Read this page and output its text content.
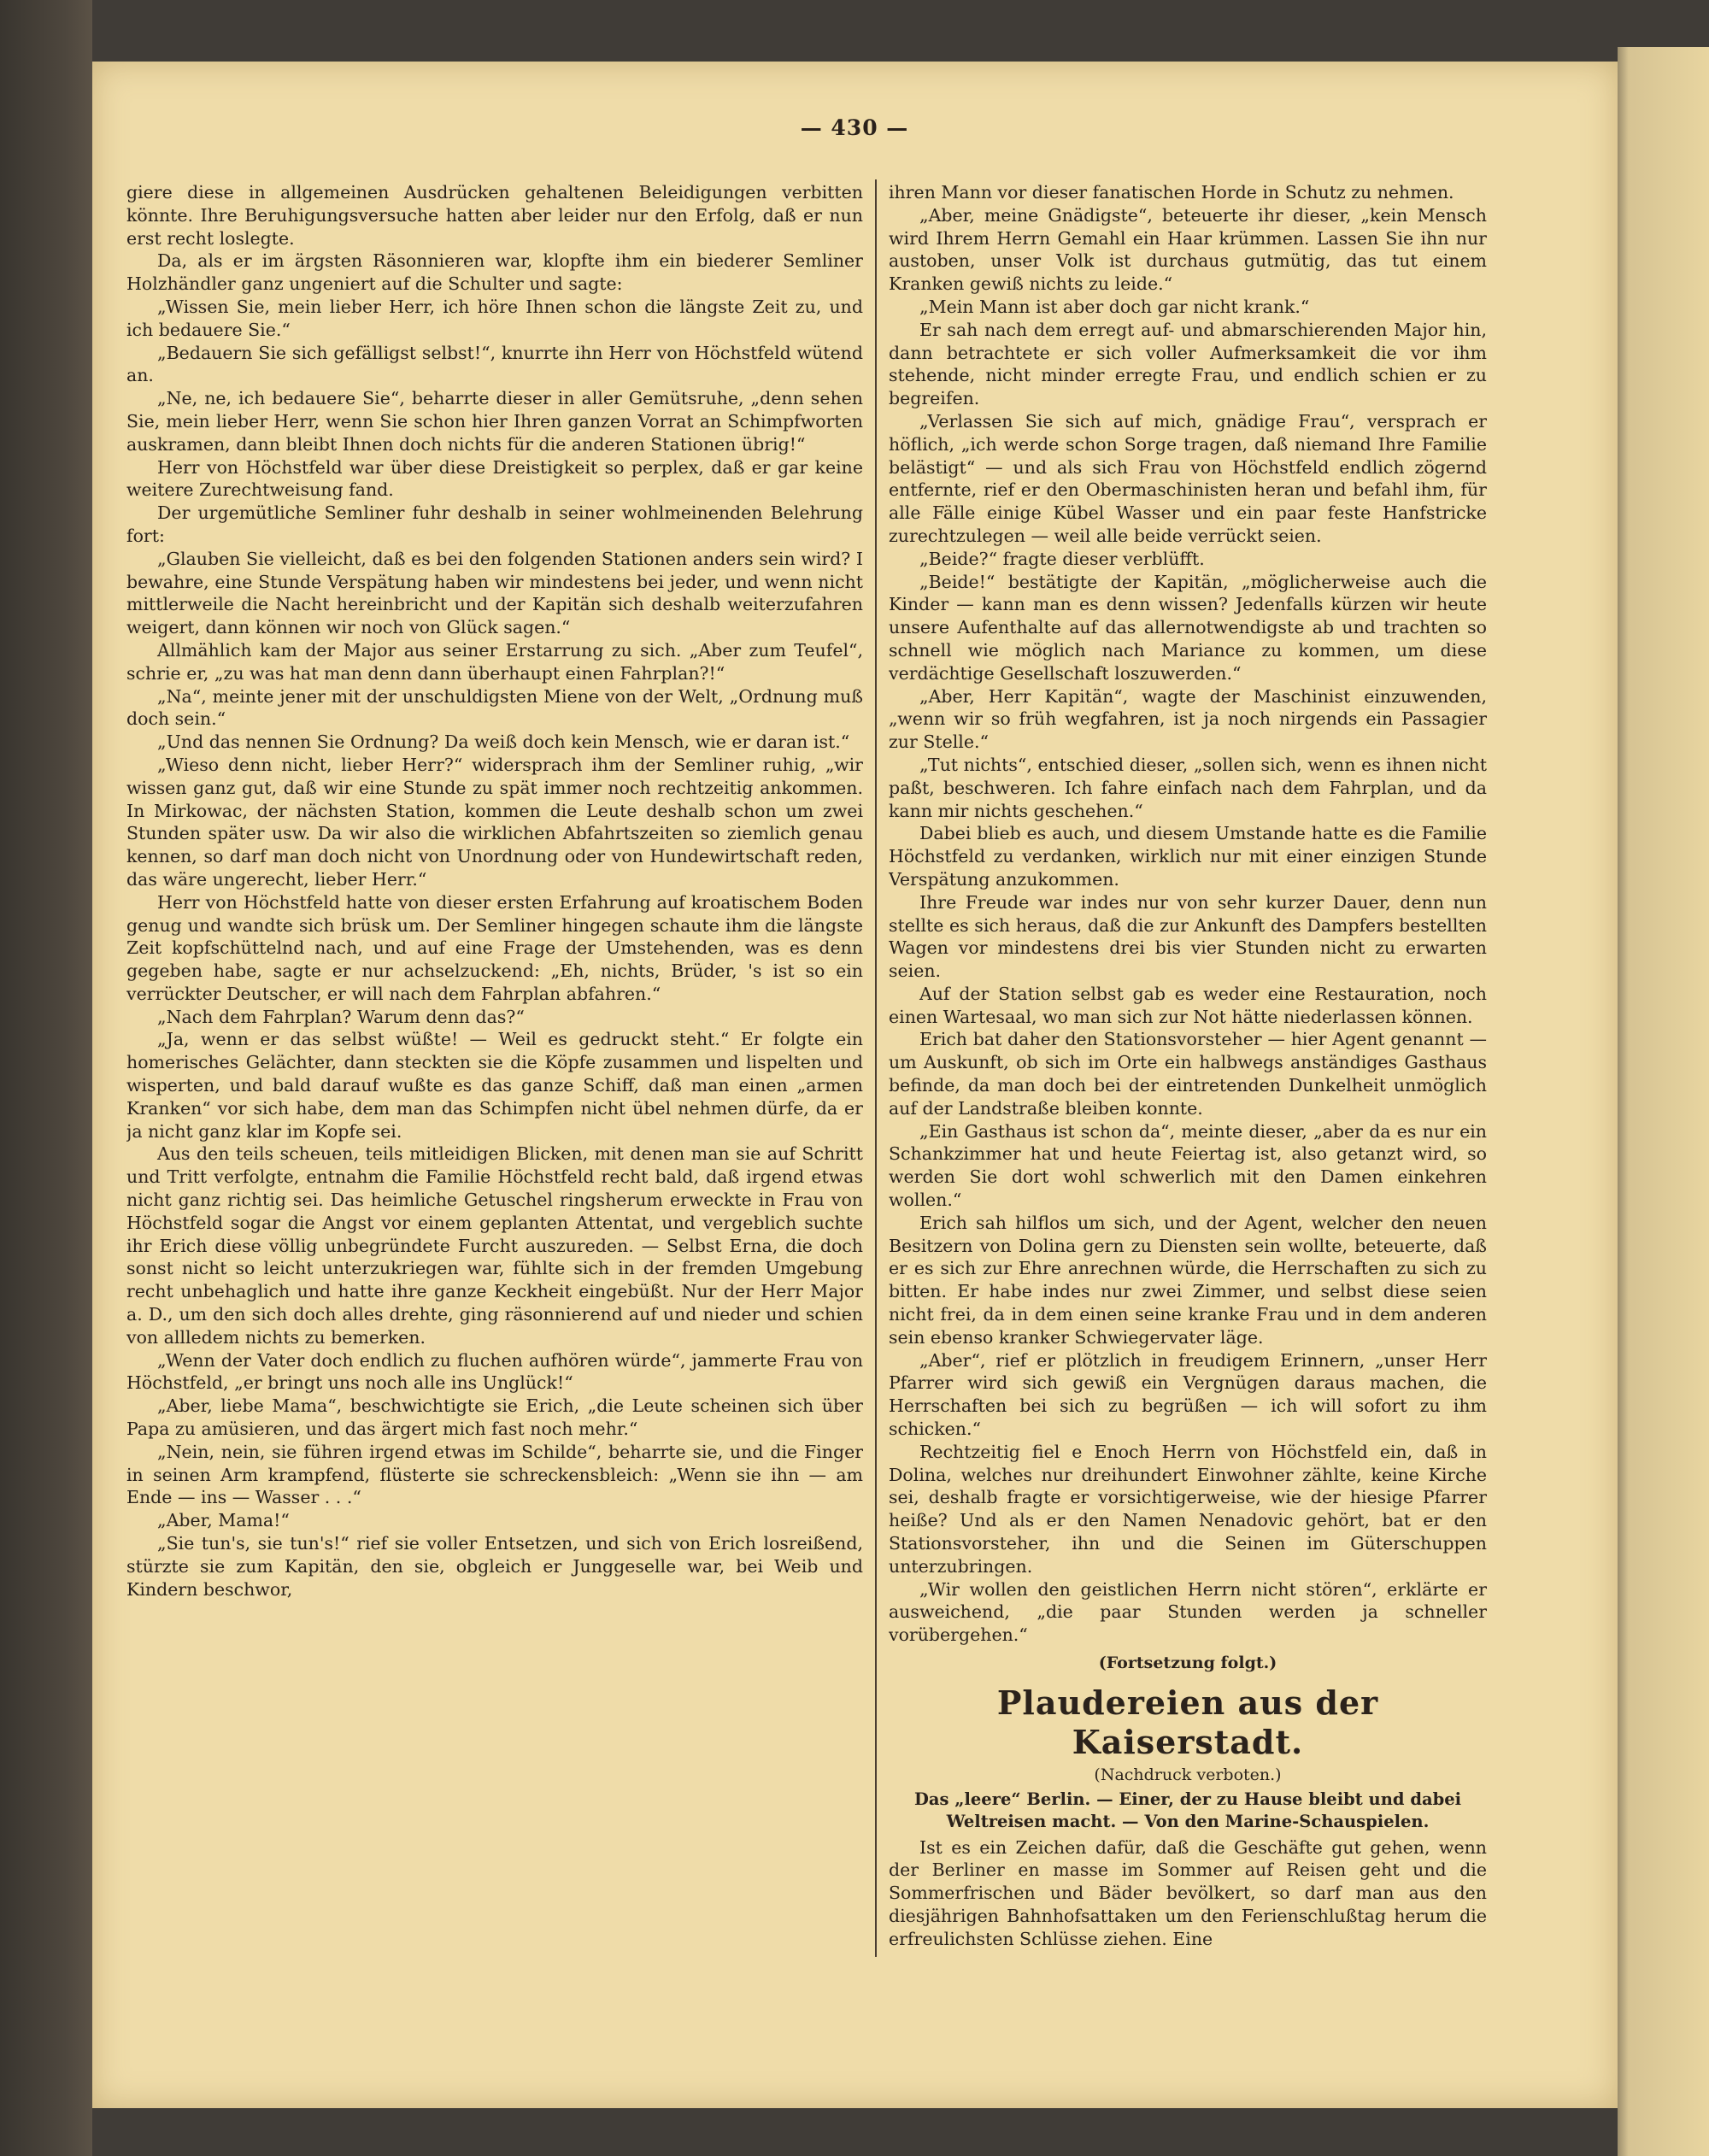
— 430 —

giere diese in allgemeinen Ausdrücken gehaltenen Beleidigungen verbitten könnte. Ihre Beruhigungsversuche hatten aber leider nur den Erfolg, daß er nun erst recht loslegte.

Da, als er im ärgsten Räsonnieren war, klopfte ihm ein biederer Semliner Holzhändler ganz ungeniert auf die Schulter und sagte:

„Wissen Sie, mein lieber Herr, ich höre Ihnen schon die längste Zeit zu, und ich bedauere Sie.“

„Bedauern Sie sich gefälligst selbst!“, knurrte ihn Herr von Höchstfeld wütend an.

„Ne, ne, ich bedauere Sie“, beharrte dieser in aller Gemütsruhe, „denn sehen Sie, mein lieber Herr, wenn Sie schon hier Ihren ganzen Vorrat an Schimpfworten auskramen, dann bleibt Ihnen doch nichts für die anderen Stationen übrig!“

Herr von Höchstfeld war über diese Dreistigkeit so perplex, daß er gar keine weitere Zurechtweisung fand.

Der urgemütliche Semliner fuhr deshalb in seiner wohlmeinenden Belehrung fort:

„Glauben Sie vielleicht, daß es bei den folgenden Stationen anders sein wird? I bewahre, eine Stunde Verspätung haben wir mindestens bei jeder, und wenn nicht mittlerweile die Nacht hereinbricht und der Kapitän sich deshalb weiterzufahren weigert, dann können wir noch von Glück sagen.“

Allmählich kam der Major aus seiner Erstarrung zu sich. „Aber zum Teufel“, schrie er, „zu was hat man denn dann überhaupt einen Fahrplan?!“

„Na“, meinte jener mit der unschuldigsten Miene von der Welt, „Ordnung muß doch sein.“

„Und das nennen Sie Ordnung? Da weiß doch kein Mensch, wie er daran ist.“

„Wieso denn nicht, lieber Herr?“ widersprach ihm der Semliner ruhig, „wir wissen ganz gut, daß wir eine Stunde zu spät immer noch rechtzeitig ankommen. In Mirkowac, der nächsten Station, kommen die Leute deshalb schon um zwei Stunden später usw. Da wir also die wirklichen Abfahrtszeiten so ziemlich genau kennen, so darf man doch nicht von Unordnung oder von Hundewirtschaft reden, das wäre ungerecht, lieber Herr.“

Herr von Höchstfeld hatte von dieser ersten Erfahrung auf kroatischem Boden genug und wandte sich brüsk um. Der Semliner hingegen schaute ihm die längste Zeit kopfschüttelnd nach, und auf eine Frage der Umstehenden, was es denn gegeben habe, sagte er nur achselzuckend: „Eh, nichts, Brüder, 's ist so ein verrückter Deutscher, er will nach dem Fahrplan abfahren.“

„Nach dem Fahrplan? Warum denn das?“

„Ja, wenn er das selbst wüßte! — Weil es gedruckt steht.“ Er folgte ein homerisches Gelächter, dann steckten sie die Köpfe zusammen und lispelten und wisperten, und bald darauf wußte es das ganze Schiff, daß man einen „armen Kranken“ vor sich habe, dem man das Schimpfen nicht übel nehmen dürfe, da er ja nicht ganz klar im Kopfe sei.

Aus den teils scheuen, teils mitleidigen Blicken, mit denen man sie auf Schritt und Tritt verfolgte, entnahm die Familie Höchstfeld recht bald, daß irgend etwas nicht ganz richtig sei. Das heimliche Getuschel ringsherum erweckte in Frau von Höchstfeld sogar die Angst vor einem geplanten Attentat, und vergeblich suchte ihr Erich diese völlig unbegründete Furcht auszureden. — Selbst Erna, die doch sonst nicht so leicht unterzukriegen war, fühlte sich in der fremden Umgebung recht unbehaglich und hatte ihre ganze Keckheit eingebüßt. Nur der Herr Major a. D., um den sich doch alles drehte, ging räsonnierend auf und nieder und schien von allledem nichts zu bemerken.

„Wenn der Vater doch endlich zu fluchen aufhören würde“, jammerte Frau von Höchstfeld, „er bringt uns noch alle ins Unglück!“

„Aber, liebe Mama“, beschwichtigte sie Erich, „die Leute scheinen sich über Papa zu amüsieren, und das ärgert mich fast noch mehr.“

„Nein, nein, sie führen irgend etwas im Schilde“, beharrte sie, und die Finger in seinen Arm krampfend, flüsterte sie schreckensbleich: „Wenn sie ihn — am Ende — ins — Wasser . . .“

„Aber, Mama!“

„Sie tun's, sie tun's!“ rief sie voller Entsetzen, und sich von Erich losreißend, stürzte sie zum Kapitän, den sie, obgleich er Junggeselle war, bei Weib und Kindern beschwor,

ihren Mann vor dieser fanatischen Horde in Schutz zu nehmen.

„Aber, meine Gnädigste“, beteuerte ihr dieser, „kein Mensch wird Ihrem Herrn Gemahl ein Haar krümmen. Lassen Sie ihn nur austoben, unser Volk ist durchaus gutmütig, das tut einem Kranken gewiß nichts zu leide.“

„Mein Mann ist aber doch gar nicht krank.“

Er sah nach dem erregt auf- und abmarschierenden Major hin, dann betrachtete er sich voller Aufmerksamkeit die vor ihm stehende, nicht minder erregte Frau, und endlich schien er zu begreifen.

„Verlassen Sie sich auf mich, gnädige Frau“, versprach er höflich, „ich werde schon Sorge tragen, daß niemand Ihre Familie belästigt“ — und als sich Frau von Höchstfeld endlich zögernd entfernte, rief er den Obermaschinisten heran und befahl ihm, für alle Fälle einige Kübel Wasser und ein paar feste Hanfstricke zurechtzulegen — weil alle beide verrückt seien.

„Beide?“ fragte dieser verblüfft.

„Beide!“ bestätigte der Kapitän, „möglicherweise auch die Kinder — kann man es denn wissen? Jedenfalls kürzen wir heute unsere Aufenthalte auf das allernotwendigste ab und trachten so schnell wie möglich nach Mariance zu kommen, um diese verdächtige Gesellschaft loszuwerden.“

„Aber, Herr Kapitän“, wagte der Maschinist einzuwenden, „wenn wir so früh wegfahren, ist ja noch nirgends ein Passagier zur Stelle.“

„Tut nichts“, entschied dieser, „sollen sich, wenn es ihnen nicht paßt, beschweren. Ich fahre einfach nach dem Fahrplan, und da kann mir nichts geschehen.“

Dabei blieb es auch, und diesem Umstande hatte es die Familie Höchstfeld zu verdanken, wirklich nur mit einer einzigen Stunde Verspätung anzukommen.

Ihre Freude war indes nur von sehr kurzer Dauer, denn nun stellte es sich heraus, daß die zur Ankunft des Dampfers bestellten Wagen vor mindestens drei bis vier Stunden nicht zu erwarten seien.

Auf der Station selbst gab es weder eine Restauration, noch einen Wartesaal, wo man sich zur Not hätte niederlassen können.

Erich bat daher den Stationsvorsteher — hier Agent genannt — um Auskunft, ob sich im Orte ein halbwegs anständiges Gasthaus befinde, da man doch bei der eintretenden Dunkelheit unmöglich auf der Landstraße bleiben konnte.

„Ein Gasthaus ist schon da“, meinte dieser, „aber da es nur ein Schankzimmer hat und heute Feiertag ist, also getanzt wird, so werden Sie dort wohl schwerlich mit den Damen einkehren wollen.“

Erich sah hilflos um sich, und der Agent, welcher den neuen Besitzern von Dolina gern zu Diensten sein wollte, beteuerte, daß er es sich zur Ehre anrechnen würde, die Herrschaften zu sich zu bitten. Er habe indes nur zwei Zimmer, und selbst diese seien nicht frei, da in dem einen seine kranke Frau und in dem anderen sein ebenso kranker Schwiegervater läge.

„Aber“, rief er plötzlich in freudigem Erinnern, „unser Herr Pfarrer wird sich gewiß ein Vergnügen daraus machen, die Herrschaften bei sich zu begrüßen — ich will sofort zu ihm schicken.“

Rechtzeitig fiel e Enoch Herrn von Höchstfeld ein, daß in Dolina, welches nur dreihundert Einwohner zählte, keine Kirche sei, deshalb fragte er vorsichtigerweise, wie der hiesige Pfarrer heiße? Und als er den Namen Nenadovic gehört, bat er den Stationsvorsteher, ihn und die Seinen im Güterschuppen unterzubringen.

„Wir wollen den geistlichen Herrn nicht stören“, erklärte er ausweichend, „die paar Stunden werden ja schneller vorübergehen.“

(Fortsetzung folgt.)
Plaudereien aus der Kaiserstadt.
(Nachdruck verboten.)
Das „leere“ Berlin. — Einer, der zu Hause bleibt und dabei Weltreisen macht. — Von den Marine-Schauspielen.

Ist es ein Zeichen dafür, daß die Geschäfte gut gehen, wenn der Berliner en masse im Sommer auf Reisen geht und die Sommerfrischen und Bäder bevölkert, so darf man aus den diesjährigen Bahnhofsattaken um den Ferienschlußtag herum die erfreulichsten Schlüsse ziehen. Eine
